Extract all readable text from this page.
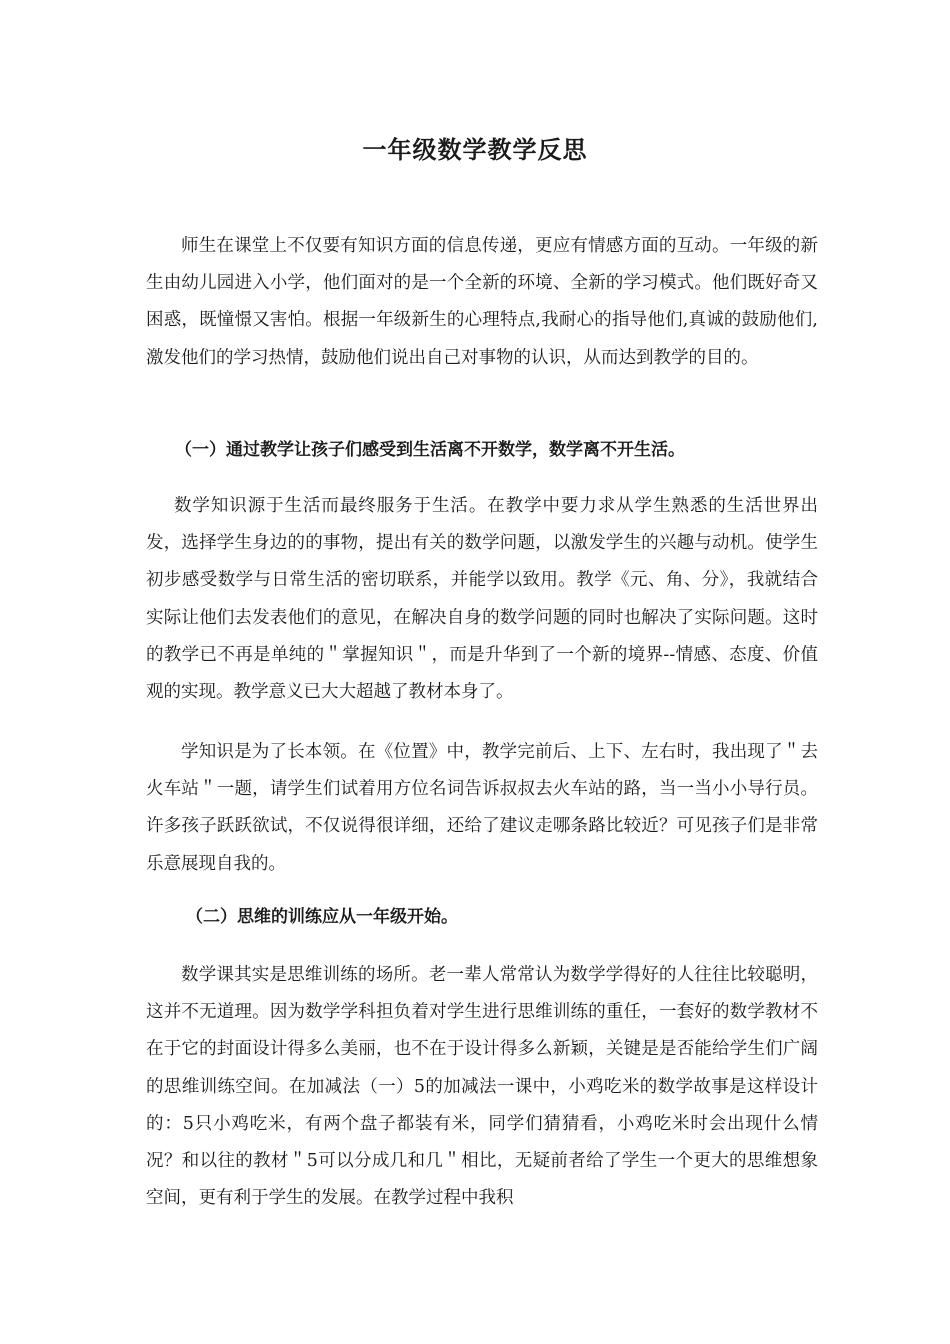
一年级数学教学反思

师生在课堂上不仅要有知识方面的信息传递，更应有情感方面的互动。一年级的新生由幼儿园进入小学，他们面对的是一个全新的环境、全新的学习模式。他们既好奇又困惑，既憧憬又害怕。根据一年级新生的心理特点,我耐心的指导他们,真诚的鼓励他们,激发他们的学习热情，鼓励他们说出自己对事物的认识，从而达到教学的目的。

（一）通过教学让孩子们感受到生活离不开数学，数学离不开生活。

数学知识源于生活而最终服务于生活。在教学中要力求从学生熟悉的生活世界出发，选择学生身边的的事物，提出有关的数学问题，以激发学生的兴趣与动机。使学生初步感受数学与日常生活的密切联系，并能学以致用。教学《元、角、分》，我就结合实际让他们去发表他们的意见，在解决自身的数学问题的同时也解决了实际问题。这时的教学已不再是单纯的＂掌握知识＂，而是升华到了一个新的境界--情感、态度、价值观的实现。教学意义已大大超越了教材本身了。

学知识是为了长本领。在《位置》中，教学完前后、上下、左右时，我出现了＂去火车站＂一题，请学生们试着用方位名词告诉叔叔去火车站的路，当一当小小导行员。许多孩子跃跃欲试，不仅说得很详细，还给了建议走哪条路比较近？可见孩子们是非常乐意展现自我的。

（二）思维的训练应从一年级开始。

数学课其实是思维训练的场所。老一辈人常常认为数学学得好的人往往比较聪明，这并不无道理。因为数学学科担负着对学生进行思维训练的重任，一套好的数学教材不在于它的封面设计得多么美丽，也不在于设计得多么新颖，关键是是否能给学生们广阔的思维训练空间。在加减法（一）5的加减法一课中，小鸡吃米的数学故事是这样设计的：5只小鸡吃米，有两个盘子都装有米，同学们猜猜看，小鸡吃米时会出现什么情况？和以往的教材＂5可以分成几和几＂相比，无疑前者给了学生一个更大的思维想象空间，更有利于学生的发展。在教学过程中我积
